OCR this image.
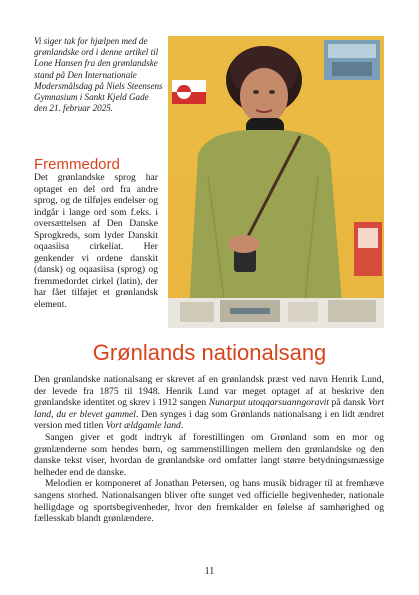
Vi siger tak for hjælpen med de grønlandske ord i denne artikel til Lone Hansen fra den grønlandske stand på Den Internationale Modersmålsdag på Niels Steensens Gymnasium i Sankt Kjeld Gade den 21. februar 2025.
Fremmedord

Det grønlandske sprog har optaget en del ord fra andre sprog, og de tilføjes endelser og indgår i lange ord som f.eks. i oversættelsen af Den Danske Sprogkreds, som lyder Danskit oqaasiisa cirkeliat. Her genkender vi ordene danskit (dansk) og oqaasiisa (sprog) og fremmedordet cirkel (latin), der har fået tilføjet et grønlandsk element.

Grønlands nationalsang

Den grønlandske nationalsang er skrevet af en grønlandsk præst ved navn Henrik Lund, der levede fra 1875 til 1948. Henrik Lund var meget optaget af at beskrive den grønlandske identitet og skrev i 1912 sangen Nunarput utoqqarsuanngoravit på dansk Vort land, du er blevet gammel. Den synges i dag som Grønlands nationalsang i en lidt ændret version med titlen Vort ældgamle land.

Sangen giver et godt indtryk af forestillingen om Grønland som en mor og grønlænderne som hendes børn, og sammenstillingen mellem den grønlandske og den danske tekst viser, hvordan de grønlandske ord omfatter langt større betydningsmæssige helheder end de danske.

Melodien er komponeret af Jonathan Petersen, og hans musik bidrager til at fremhæve sangens storhed. Nationalsangen bliver ofte sunget ved officielle begivenheder, nationale helligdage og sportsbegivenheder, hvor den fremkalder en følelse af samhørighed og fællesskab blandt grønlændere.

11
